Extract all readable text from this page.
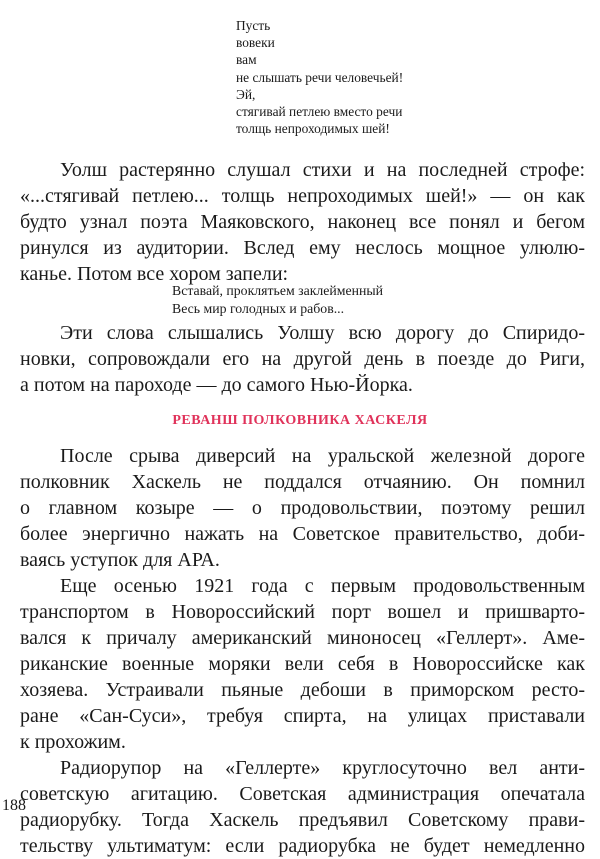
Пусть
вовеки
вам
не слышать речи человечьей!
Эй,
стягивай петлею вместо речи
толщь непроходимых шей!
Уолш растерянно слушал стихи и на последней строфе:
«...стягивай петлею... толщь непроходимых шей!» — он как
будто узнал поэта Маяковского, наконец все понял и бегом
ринулся из аудитории. Вслед ему неслось мощное улюлю-
канье. Потом все хором запели:
Вставай, проклятьем заклейменный
Весь мир голодных и рабов...
Эти слова слышались Уолшу всю дорогу до Спиридо-
новки, сопровождали его на другой день в поезде до Риги,
а потом на пароходе — до самого Нью-Йорка.
РЕВАНШ ПОЛКОВНИКА ХАСКЕЛЯ
После срыва диверсий на уральской железной дороге
полковник Хаскель не поддался отчаянию. Он помнил
о главном козыре — о продовольствии, поэтому решил
более энергично нажать на Советское правительство, доби-
ваясь уступок для АРА.
Еще осенью 1921 года с первым продовольственным
транспортом в Новороссийский порт вошел и пришварто-
вался к причалу американский миноносец «Геллерт». Аме-
риканские военные моряки вели себя в Новороссийске как
хозяева. Устраивали пьяные дебоши в приморском ресто-
ране «Сан-Суси», требуя спирта, на улицах приставали
к прохожим.
Радиорупор на «Геллерте» круглосуточно вел анти-
советскую агитацию. Советская администрация опечатала
радиорубку. Тогда Хаскель предъявил Советскому прави-
тельству ультиматум: если радиорубка не будет немедленно
188
